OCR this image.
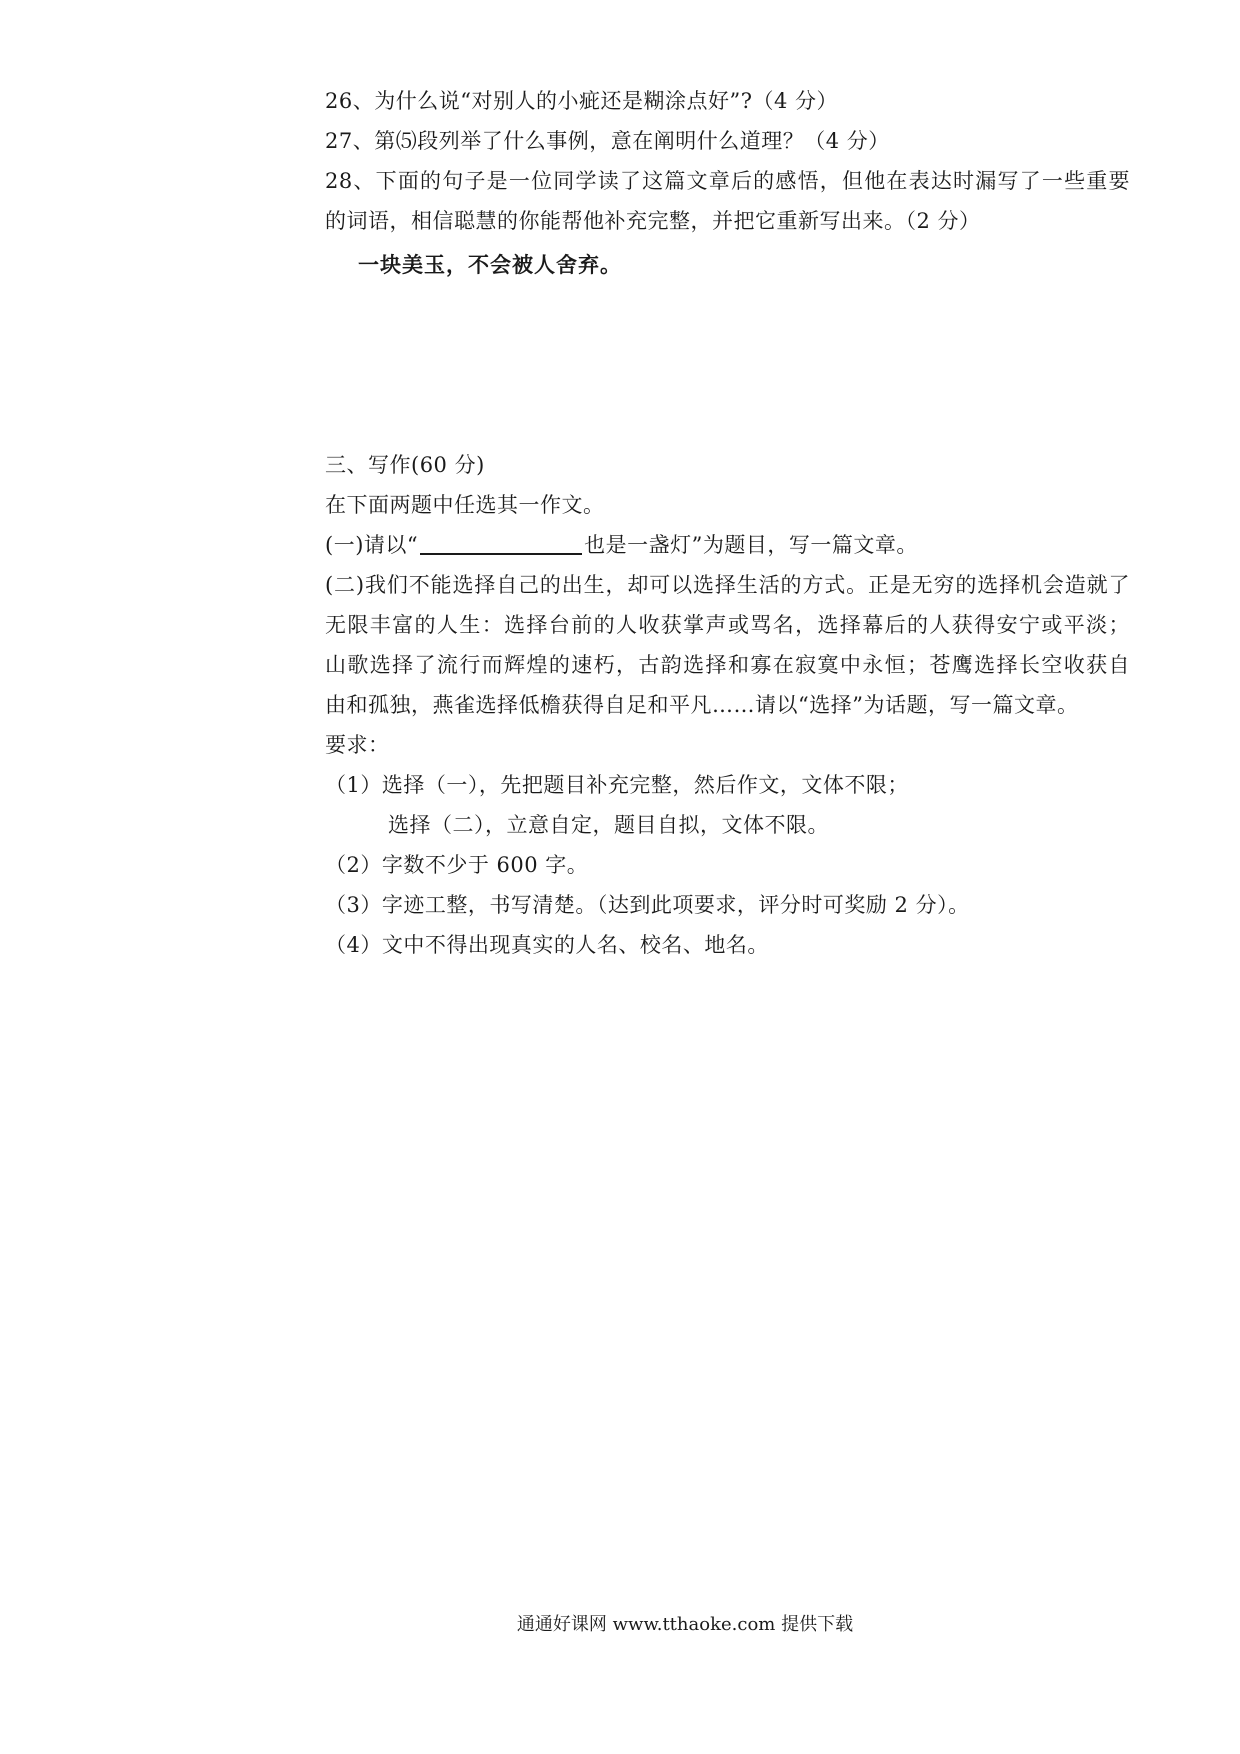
26、为什么说“对别人的小疵还是糊涂点好”?（4 分）
27、第⑸段列举了什么事例，意在阐明什么道理？（4 分）
28、下面的句子是一位同学读了这篇文章后的感悟，但他在表达时漏写了一些重要
的词语，相信聪慧的你能帮他补充完整，并把它重新写出来。（2 分）
一块美玉，不会被人舍弃。
三、写作(60 分)
在下面两题中任选其一作文。
(一)请以“	也是一盏灯”为题目，写一篇文章。
(二)我们不能选择自己的出生，却可以选择生活的方式。正是无穷的选择机会造就了
无限丰富的人生：选择台前的人收获掌声或骂名，选择幕后的人获得安宁或平淡；
山歌选择了流行而辉煌的速朽，古韵选择和寡在寂寞中永恒；苍鹰选择长空收获自
由和孤独，燕雀选择低檐获得自足和平凡……请以“选择”为话题，写一篇文章。
要求：
（1）选择（一），先把题目补充完整，然后作文，文体不限；
选择（二），立意自定，题目自拟，文体不限。
（2）字数不少于 600 字。
（3）字迹工整，书写清楚。（达到此项要求，评分时可奖励 2 分）。
（4）文中不得出现真实的人名、校名、地名。
通通好课网 www.tthaoke.com 提供下载
